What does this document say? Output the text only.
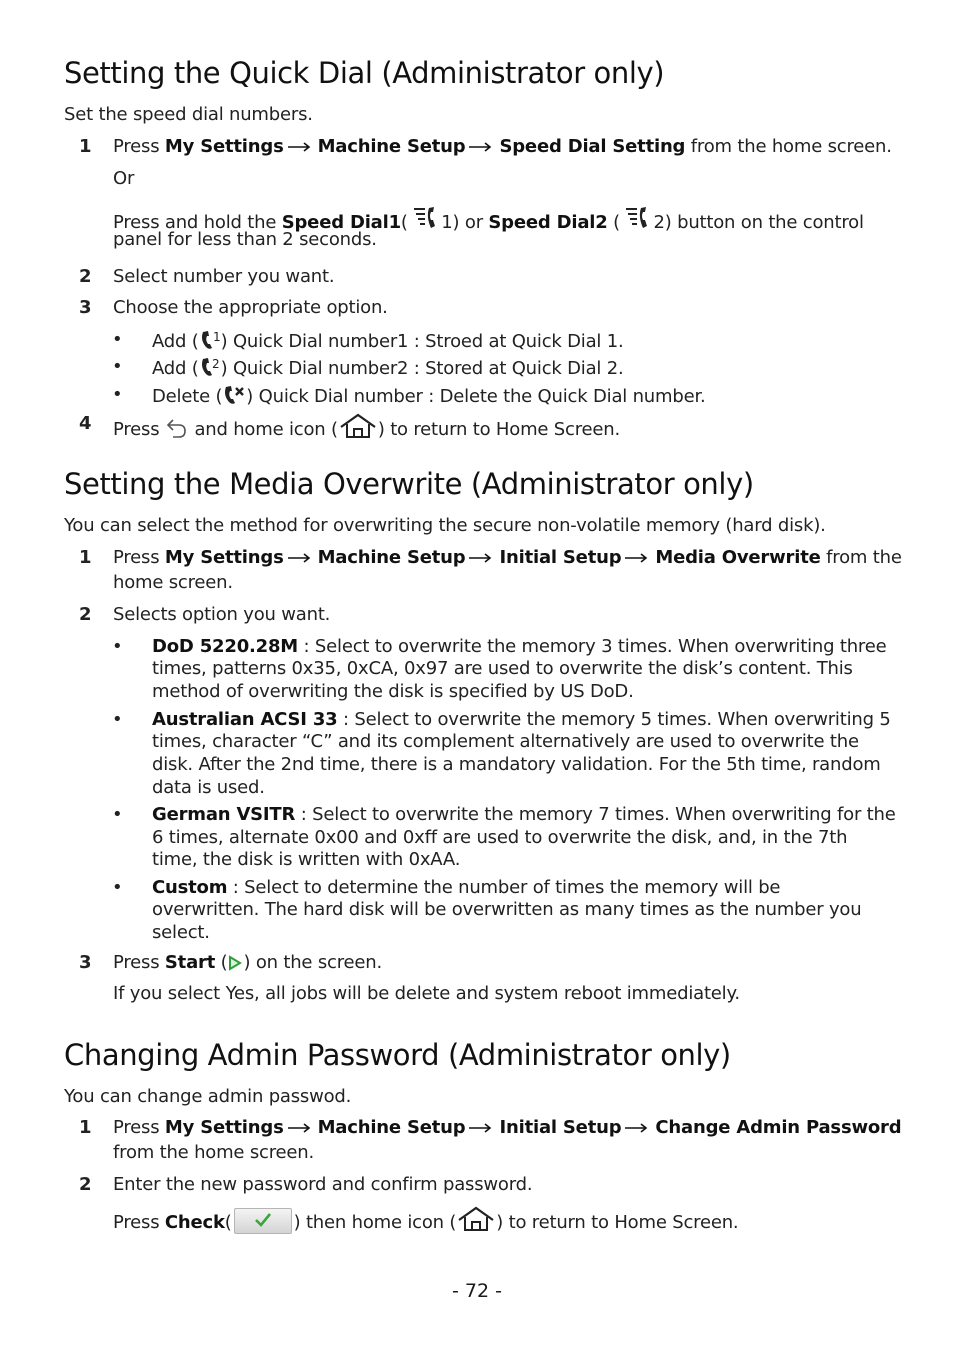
Setting the Quick Dial (Administrator only)
Set the speed dial numbers.
1 Press My Settings Machine Setup Speed Dial Setting from the home screen.
Or
Press and hold the Speed Dial1( 1) or Speed Dial2 ( 2) button on the control
panel for less than 2 seconds.
2 Select number you want.
3 Choose the appropriate option.
• Add ( 1 ) Quick Dial number1 : Stroed at Quick Dial 1.
• Add ( 2 ) Quick Dial number2 : Stored at Quick Dial 2.
• Delete ( ) Quick Dial number : Delete the Quick Dial number.
4 Press and home icon ( ) to return to Home Screen.
Setting the Media Overwrite (Administrator only)
You can select the method for overwriting the secure non-volatile memory (hard disk).
1 Press My Settings Machine Setup Initial Setup Media Overwrite from the
home screen.
2 Selects option you want.
• DoD 5220.28M : Select to overwrite the memory 3 times. When overwriting three
times, patterns 0x35, 0xCA, 0x97 are used to overwrite the disk’s content. This
method of overwriting the disk is specified by US DoD.
• Australian ACSI 33 : Select to overwrite the memory 5 times. When overwriting 5
times, character “C” and its complement alternatively are used to overwrite the
disk. After the 2nd time, there is a mandatory validation. For the 5th time, random
data is used.
• German VSITR : Select to overwrite the memory 7 times. When overwriting for the
6 times, alternate 0x00 and 0xff are used to overwrite the disk, and, in the 7th
time, the disk is written with 0xAA.
• Custom : Select to determine the number of times the memory will be
overwritten. The hard disk will be overwritten as many times as the number you
select.
3 Press Start ( ) on the screen.
If you select Yes, all jobs will be delete and system reboot immediately.
Changing Admin Password (Administrator only)
You can change admin passwod.
1 Press My Settings Machine Setup Initial Setup Change Admin Password
from the home screen.
2 Enter the new password and confirm password.
Press Check(	) then home icon ( ) to return to Home Screen.
- 72 -
